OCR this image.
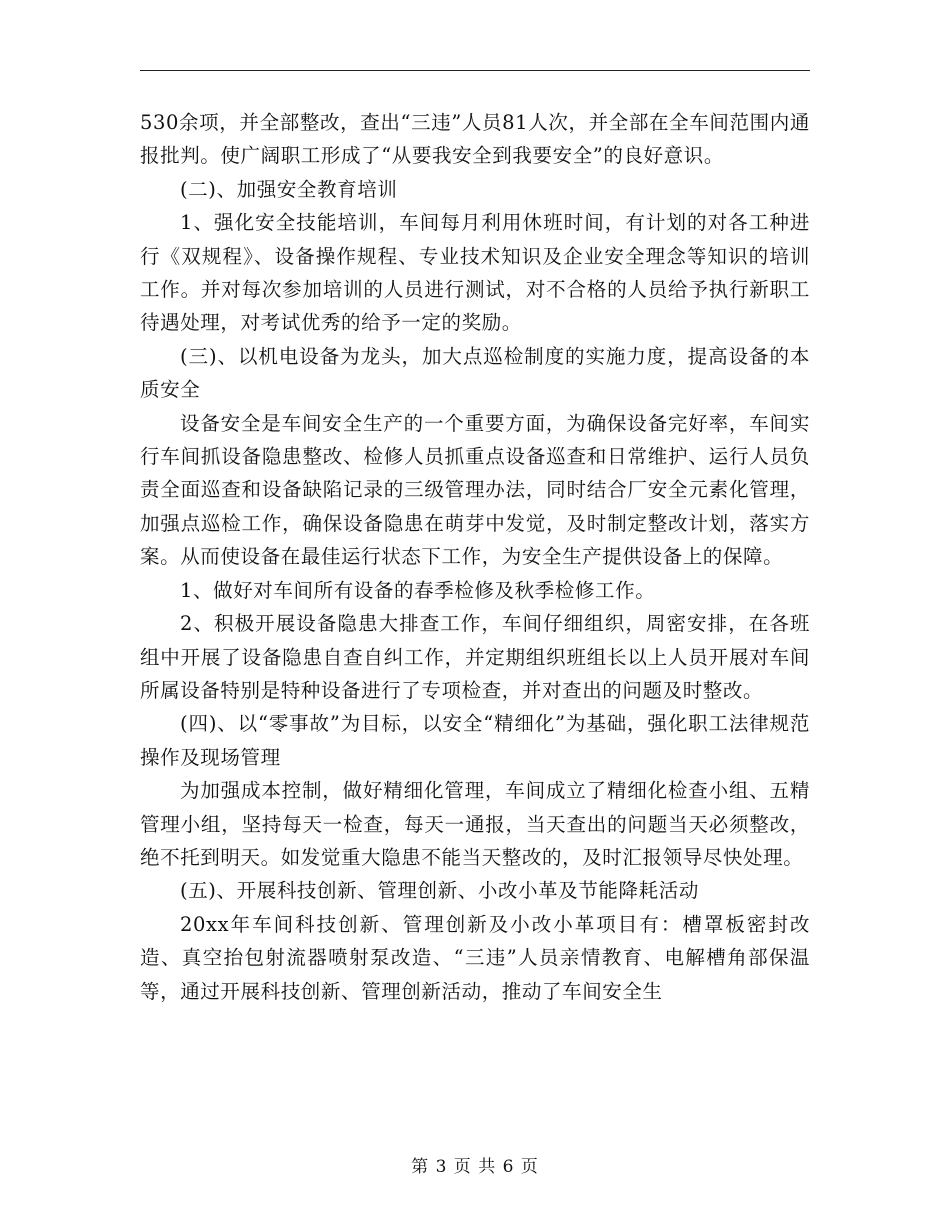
530余项，并全部整改，查出“三违”人员81人次，并全部在全车间范围内通报批判。使广阔职工形成了“从要我安全到我要安全”的良好意识。

(二)、加强安全教育培训

1、强化安全技能培训，车间每月利用休班时间，有计划的对各工种进行《双规程》、设备操作规程、专业技术知识及企业安全理念等知识的培训工作。并对每次参加培训的人员进行测试，对不合格的人员给予执行新职工待遇处理，对考试优秀的给予一定的奖励。

(三)、以机电设备为龙头，加大点巡检制度的实施力度，提高设备的本质安全

设备安全是车间安全生产的一个重要方面，为确保设备完好率，车间实行车间抓设备隐患整改、检修人员抓重点设备巡查和日常维护、运行人员负责全面巡查和设备缺陷记录的三级管理办法，同时结合厂安全元素化管理，加强点巡检工作，确保设备隐患在萌芽中发觉，及时制定整改计划，落实方案。从而使设备在最佳运行状态下工作，为安全生产提供设备上的保障。

1、做好对车间所有设备的春季检修及秋季检修工作。

2、积极开展设备隐患大排查工作，车间仔细组织，周密安排，在各班组中开展了设备隐患自查自纠工作，并定期组织班组长以上人员开展对车间所属设备特别是特种设备进行了专项检查，并对查出的问题及时整改。

(四)、以“零事故”为目标，以安全“精细化”为基础，强化职工法律规范操作及现场管理

为加强成本控制，做好精细化管理，车间成立了精细化检查小组、五精管理小组，坚持每天一检查，每天一通报，当天查出的问题当天必须整改，绝不托到明天。如发觉重大隐患不能当天整改的，及时汇报领导尽快处理。

(五)、开展科技创新、管理创新、小改小革及节能降耗活动

20xx年车间科技创新、管理创新及小改小革项目有：槽罩板密封改造、真空抬包射流器喷射泵改造、“三违”人员亲情教育、电解槽角部保温等，通过开展科技创新、管理创新活动，推动了车间安全生

第 3 页 共 6 页
